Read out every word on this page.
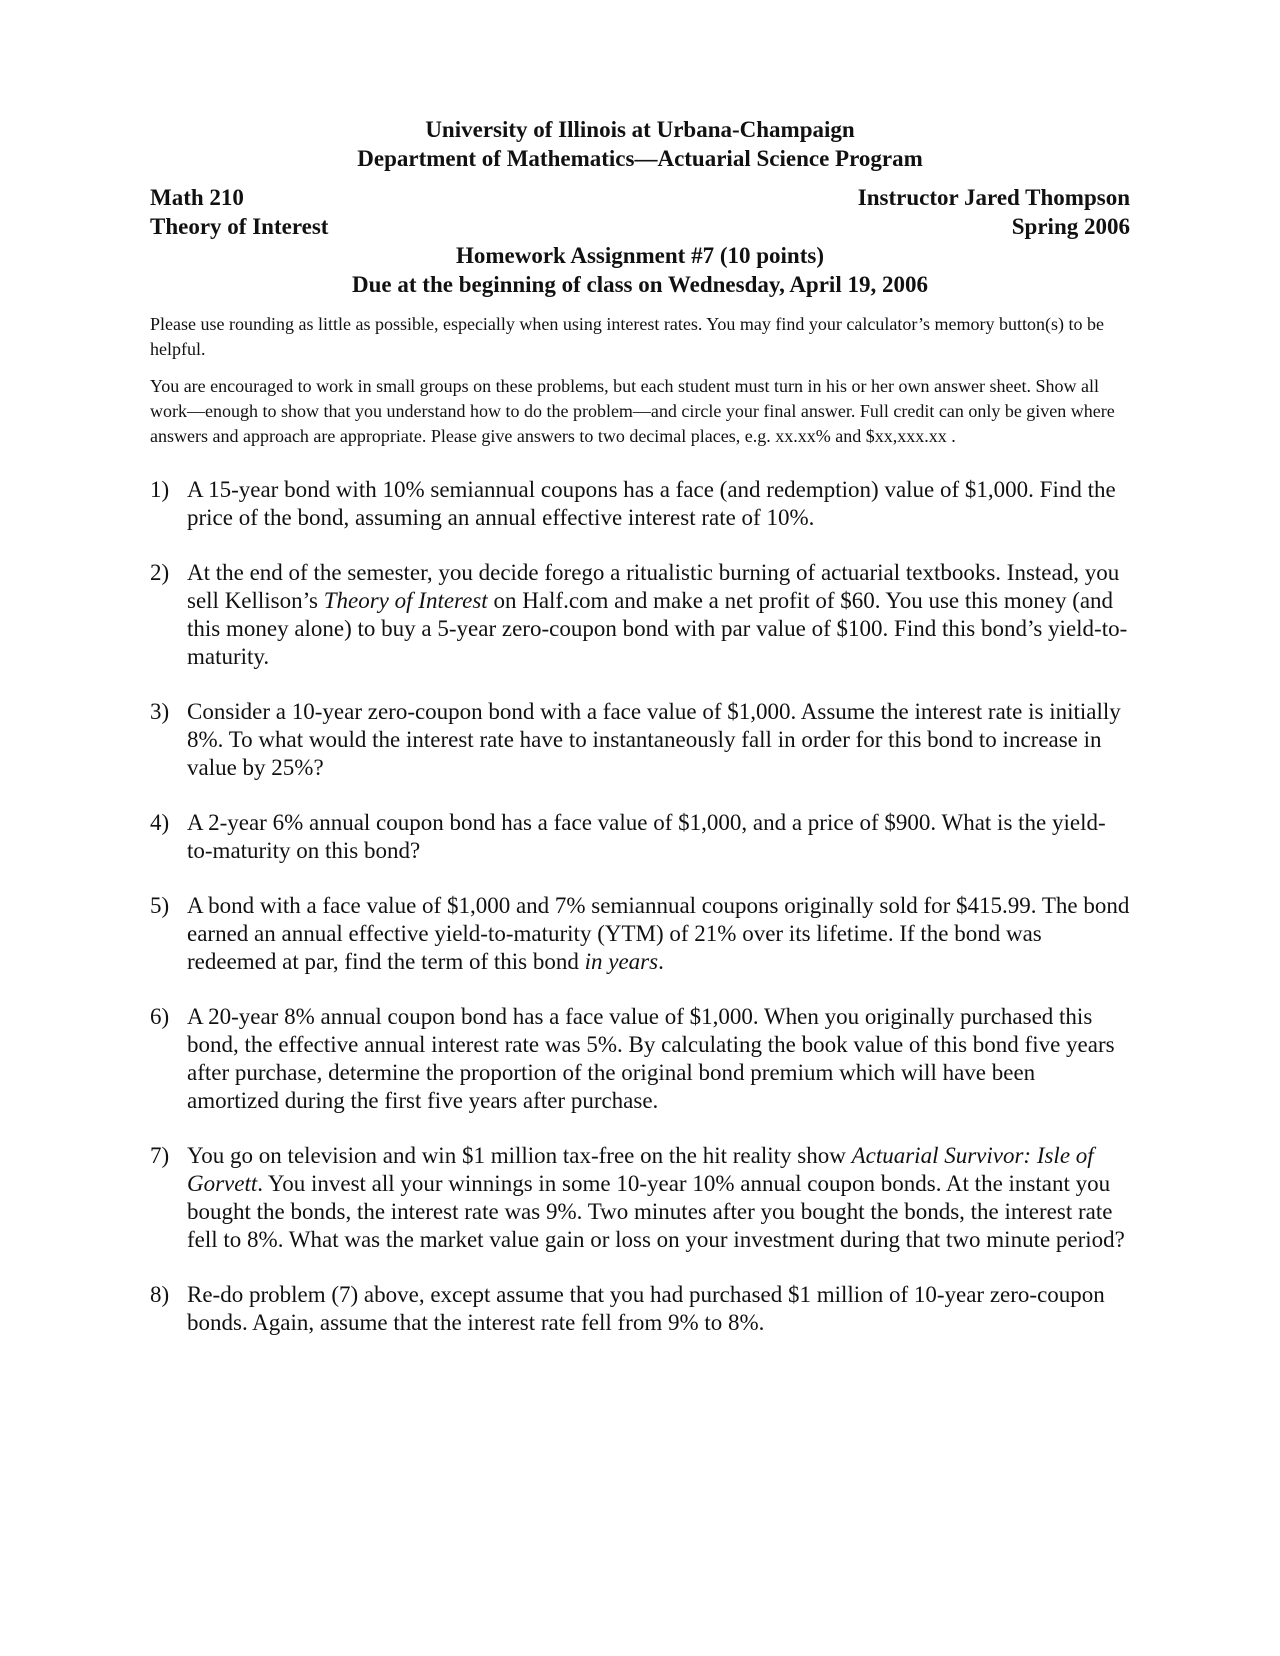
University of Illinois at Urbana-Champaign
Department of Mathematics—Actuarial Science Program
Math 210	Instructor Jared Thompson
Theory of Interest	Spring 2006
Homework Assignment #7 (10 points)
Due at the beginning of class on Wednesday, April 19, 2006

Please use rounding as little as possible, especially when using interest rates. You may find your calculator’s memory button(s) to be helpful.

You are encouraged to work in small groups on these problems, but each student must turn in his or her own answer sheet. Show all work—enough to show that you understand how to do the problem—and circle your final answer. Full credit can only be given where answers and approach are appropriate. Please give answers to two decimal places, e.g. xx.xx% and $xx,xxx.xx .

1) A 15-year bond with 10% semiannual coupons has a face (and redemption) value of $1,000. Find the price of the bond, assuming an annual effective interest rate of 10%.
2) At the end of the semester, you decide forego a ritualistic burning of actuarial textbooks. Instead, you sell Kellison’s Theory of Interest on Half.com and make a net profit of $60. You use this money (and this money alone) to buy a 5-year zero-coupon bond with par value of $100. Find this bond’s yield-to-maturity.
3) Consider a 10-year zero-coupon bond with a face value of $1,000. Assume the interest rate is initially 8%. To what would the interest rate have to instantaneously fall in order for this bond to increase in value by 25%?
4) A 2-year 6% annual coupon bond has a face value of $1,000, and a price of $900. What is the yield-to-maturity on this bond?
5) A bond with a face value of $1,000 and 7% semiannual coupons originally sold for $415.99. The bond earned an annual effective yield-to-maturity (YTM) of 21% over its lifetime. If the bond was redeemed at par, find the term of this bond in years.
6) A 20-year 8% annual coupon bond has a face value of $1,000. When you originally purchased this bond, the effective annual interest rate was 5%. By calculating the book value of this bond five years after purchase, determine the proportion of the original bond premium which will have been amortized during the first five years after purchase.
7) You go on television and win $1 million tax-free on the hit reality show Actuarial Survivor: Isle of Gorvett. You invest all your winnings in some 10-year 10% annual coupon bonds. At the instant you bought the bonds, the interest rate was 9%. Two minutes after you bought the bonds, the interest rate fell to 8%. What was the market value gain or loss on your investment during that two minute period?
8) Re-do problem (7) above, except assume that you had purchased $1 million of 10-year zero-coupon bonds. Again, assume that the interest rate fell from 9% to 8%.
